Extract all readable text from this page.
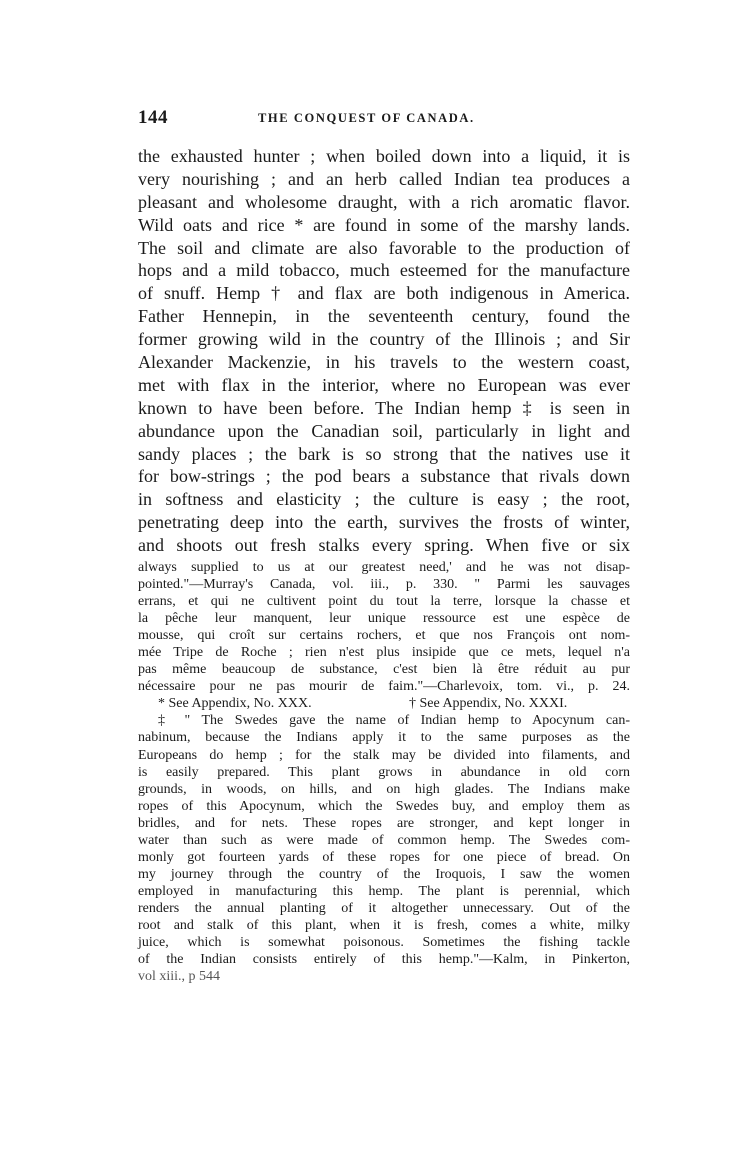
144	THE CONQUEST OF CANADA.
the exhausted hunter ; when boiled down into a liquid, it is
very nourishing ; and an herb called Indian tea produces a
pleasant and wholesome draught, with a rich aromatic flavor.
Wild oats and rice * are found in some of the marshy lands.
The soil and climate are also favorable to the production of
hops and a mild tobacco, much esteemed for the manufacture
of snuff. Hemp † and flax are both indigenous in America.
Father Hennepin, in the seventeenth century, found the
former growing wild in the country of the Illinois ; and Sir
Alexander Mackenzie, in his travels to the western coast,
met with flax in the interior, where no European was ever
known to have been before. The Indian hemp ‡ is seen in
abundance upon the Canadian soil, particularly in light and
sandy places ; the bark is so strong that the natives use it
for bow-strings ; the pod bears a substance that rivals down
in softness and elasticity ; the culture is easy ; the root,
penetrating deep into the earth, survives the frosts of winter,
and shoots out fresh stalks every spring. When five or six
always supplied to us at our greatest need,' and he was not disap-
pointed."—Murray's Canada, vol. iii., p. 330. " Parmi les sauvages
errans, et qui ne cultivent point du tout la terre, lorsque la chasse et
la pêche leur manquent, leur unique ressource est une espèce de
mousse, qui croît sur certains rochers, et que nos François ont nom-
mée Tripe de Roche ; rien n'est plus insipide que ce mets, lequel n'a
pas même beaucoup de substance, c'est bien là être réduit au pur
nécessaire pour ne pas mourir de faim."—Charlevoix, tom. vi., p. 24.
* See Appendix, No. XXX.	† See Appendix, No. XXXI.
‡ " The Swedes gave the name of Indian hemp to Apocynum can-
nabinum, because the Indians apply it to the same purposes as the
Europeans do hemp ; for the stalk may be divided into filaments, and
is easily prepared. This plant grows in abundance in old corn
grounds, in woods, on hills, and on high glades. The Indians make
ropes of this Apocynum, which the Swedes buy, and employ them as
bridles, and for nets. These ropes are stronger, and kept longer in
water than such as were made of common hemp. The Swedes com-
monly got fourteen yards of these ropes for one piece of bread. On
my journey through the country of the Iroquois, I saw the women
employed in manufacturing this hemp. The plant is perennial, which
renders the annual planting of it altogether unnecessary. Out of the
root and stalk of this plant, when it is fresh, comes a white, milky
juice, which is somewhat poisonous. Sometimes the fishing tackle
of the Indian consists entirely of this hemp."—Kalm, in Pinkerton,
vol xiii., p 544
